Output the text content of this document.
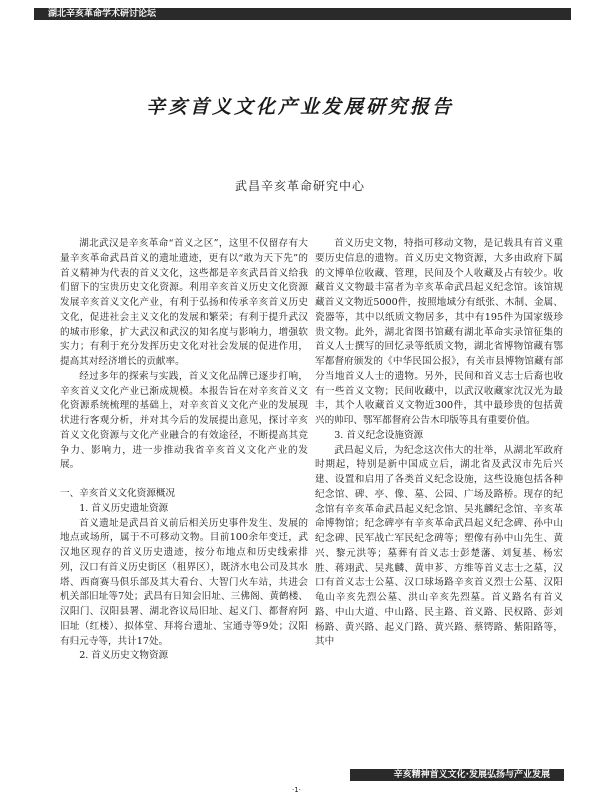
湖北辛亥革命学术研讨论坛
辛亥首义文化产业发展研究报告
武昌辛亥革命研究中心

湖北武汉是辛亥革命“首义之区”，这里不仅留存有大量辛亥革命武昌首义的遗址遗迹，更有以“敢为天下先”的首义精神为代表的首义文化，这些都是辛亥武昌首义给我们留下的宝贵历史文化资源。利用辛亥首义历史文化资源发展辛亥首义文化产业，有利于弘扬和传承辛亥首义历史文化，促进社会主义文化的发展和繁荣；有利于提升武汉的城市形象，扩大武汉和武汉的知名度与影响力，增强软实力；有利于充分发挥历史文化对社会发展的促进作用，提高其对经济增长的贡献率。

经过多年的探索与实践，首义文化品牌已逐步打响，辛亥首义文化产业已渐成规模。本报告旨在对辛亥首义文化资源系统梳理的基础上，对辛亥首义文化产业的发展现状进行客观分析，并对其今后的发展提出意见，探讨辛亥首义文化资源与文化产业融合的有效途径，不断提高其竞争力、影响力，进一步推动我省辛亥首义文化产业的发展。

一、辛亥首义文化资源概况
1. 首义历史遗址资源

首义遗址是武昌首义前后相关历史事件发生、发展的地点或场所，属于不可移动文物。目前100余年变迁，武汉地区现存的首义历史遗迹，按分布地点和历史线索排列，汉口有首义历史街区（租界区），既济水电公司及其水塔、西商赛马俱乐部及其大看台、大智门火车站，共进会机关部旧址等7处；武昌有日知会旧址、三佛阁、黄鹤楼、汉阳门、汉阳县署、湖北咨议局旧址、起义门、都督府阿旧址（红楼）、拟体堂、拜将台遗址、宝通寺等9处；汉阳有归元寺等，共计17处。

2. 首义历史文物资源

首义历史文物，特指可移动文物，是记载具有首义重要历史信息的遗物。首义历史文物资源，大多由政府下属的文博单位收藏、管理，民间及个人收藏及占有较少。收藏首义文物最丰富者为辛亥革命武昌起义纪念馆。该馆规藏首义文物近5000件，按照地域分有纸张、木制、金属、瓷器等，其中以纸质文物居多，其中有195件为国家级珍贵文物。此外，湖北省图书馆藏有湖北革命实录馆征集的首义人士撰写的回忆录等纸质文物，湖北省博物馆藏有鄂军都督府颁发的《中华民国公报》，有关市县博物馆藏有部分当地首义人士的遗物。另外，民间和首义志士后裔也收有一些首义文物；民间收藏中，以武汉收藏家沈汉光为最丰，其个人收藏首义文物近300件，其中最珍贵的包括黄兴的帅印、鄂军都督府公告木印版等具有重要价值。

3. 首义纪念设施资源

武昌起义后，为纪念这次伟大的壮举，从湖北军政府时期起，特别是新中国成立后，湖北省及武汉市先后兴建、设置和启用了各类首义纪念设施，这些设施包括各种纪念馆、碑、亭、像、墓、公园、广场及路桥。现存的纪念馆有辛亥革命武昌起义纪念馆、吴兆麟纪念馆、辛亥革命博物馆；纪念碑亭有辛亥革命武昌起义纪念碑、孙中山纪念碑、民军战亡军民纪念碑等；塑像有孙中山先生、黄兴、黎元洪等；墓葬有首义志士彭楚藩、刘复基、杨宏胜、蒋翊武、吴兆麟、黄申芗、方维等首义志士之墓，汉口有首义志士公墓、汉口球场路辛亥首义烈士公墓、汉阳龟山辛亥先烈公墓、洪山辛亥先烈墓。首义路名有首义路、中山大道、中山路、民主路、首义路、民权路、彭刘杨路、黄兴路、起义门路、黄兴路、蔡锷路、紫阳路等，其中

辛亥精神首义文化·发展弘扬与产业发展
·1·
